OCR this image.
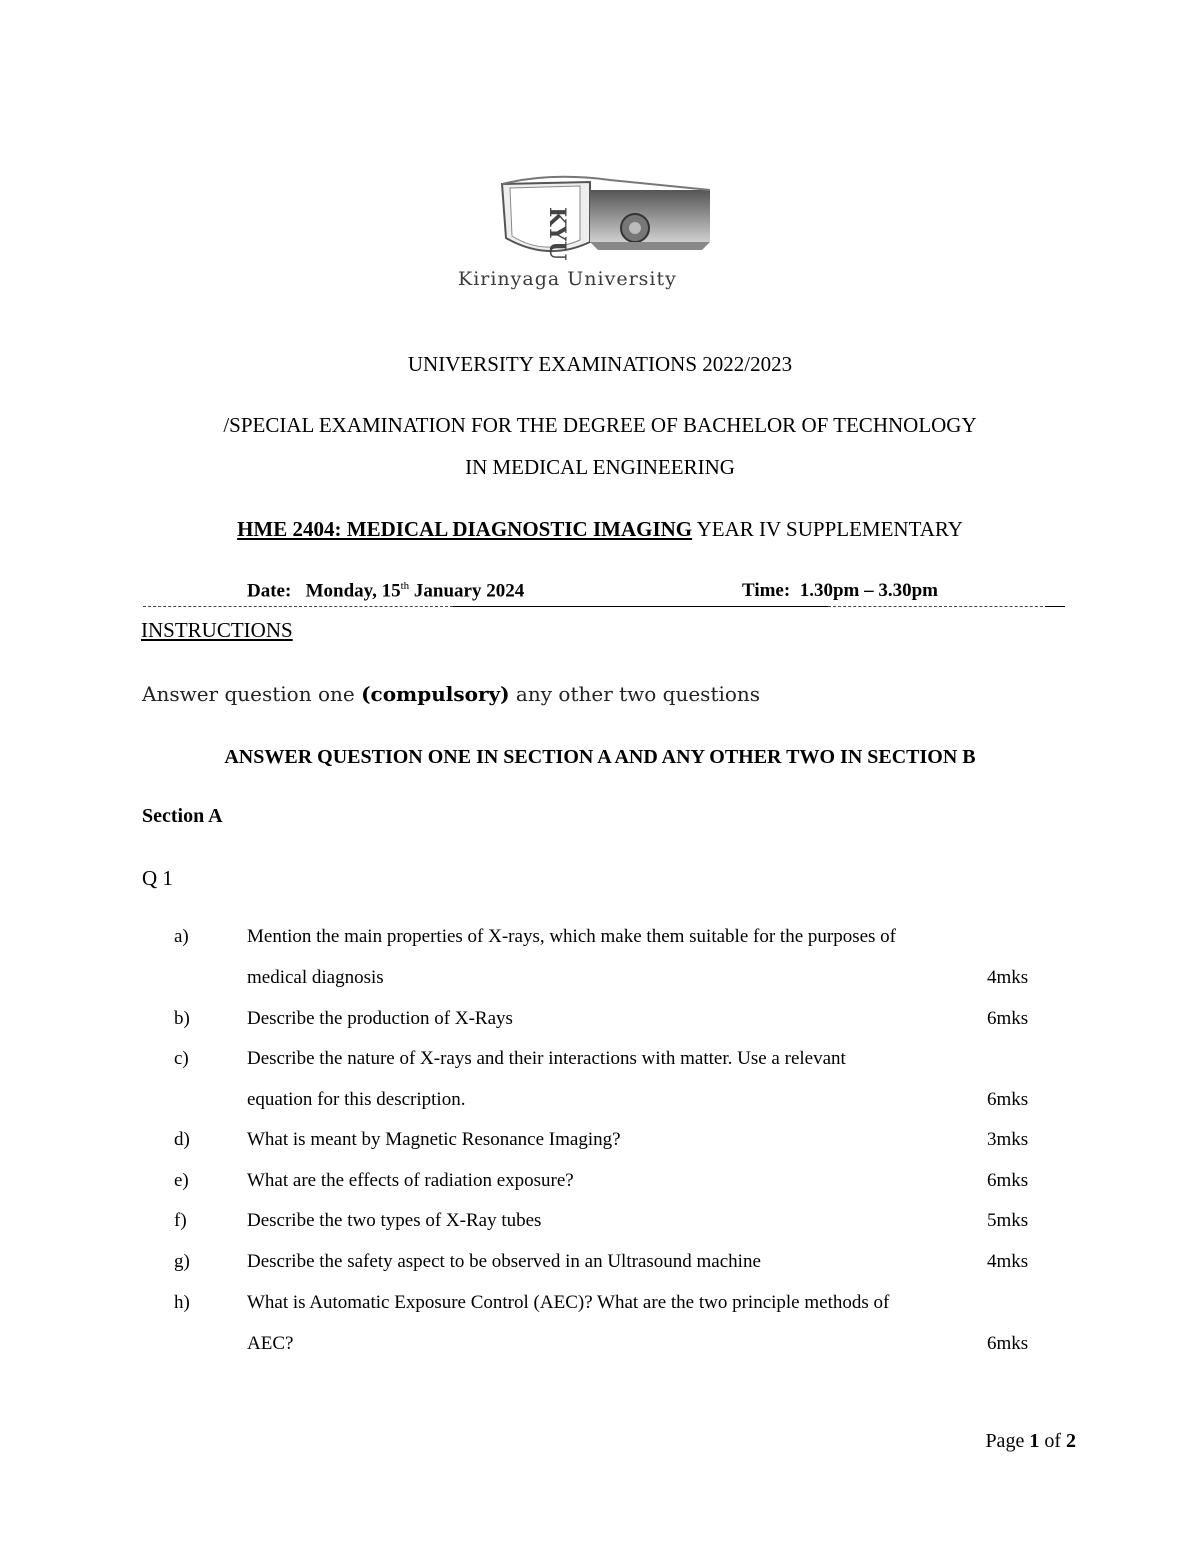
KYU
Kirinyaga University
UNIVERSITY EXAMINATIONS 2022/2023
/SPECIAL EXAMINATION FOR THE DEGREE OF BACHELOR OF TECHNOLOGY
IN MEDICAL ENGINEERING
HME 2404: MEDICAL DIAGNOSTIC IMAGING YEAR IV SUPPLEMENTARY
Date: Monday, 15th January 2024	Time: 1.30pm – 3.30pm
INSTRUCTIONS
Answer question one (compulsory) any other two questions
ANSWER QUESTION ONE IN SECTION A AND ANY OTHER TWO IN SECTION B
Section A
Q 1
a)	Mention the main properties of X-rays, which make them suitable for the purposes of
medical diagnosis	4mks
b)	Describe the production of X-Rays	6mks
c)	Describe the nature of X-rays and their interactions with matter. Use a relevant
equation for this description.	6mks
d)	What is meant by Magnetic Resonance Imaging?	3mks
e)	What are the effects of radiation exposure?	6mks
f)	Describe the two types of X-Ray tubes	5mks
g)	Describe the safety aspect to be observed in an Ultrasound machine	4mks
h)	What is Automatic Exposure Control (AEC)? What are the two principle methods of
AEC?	6mks
Page 1 of 2
